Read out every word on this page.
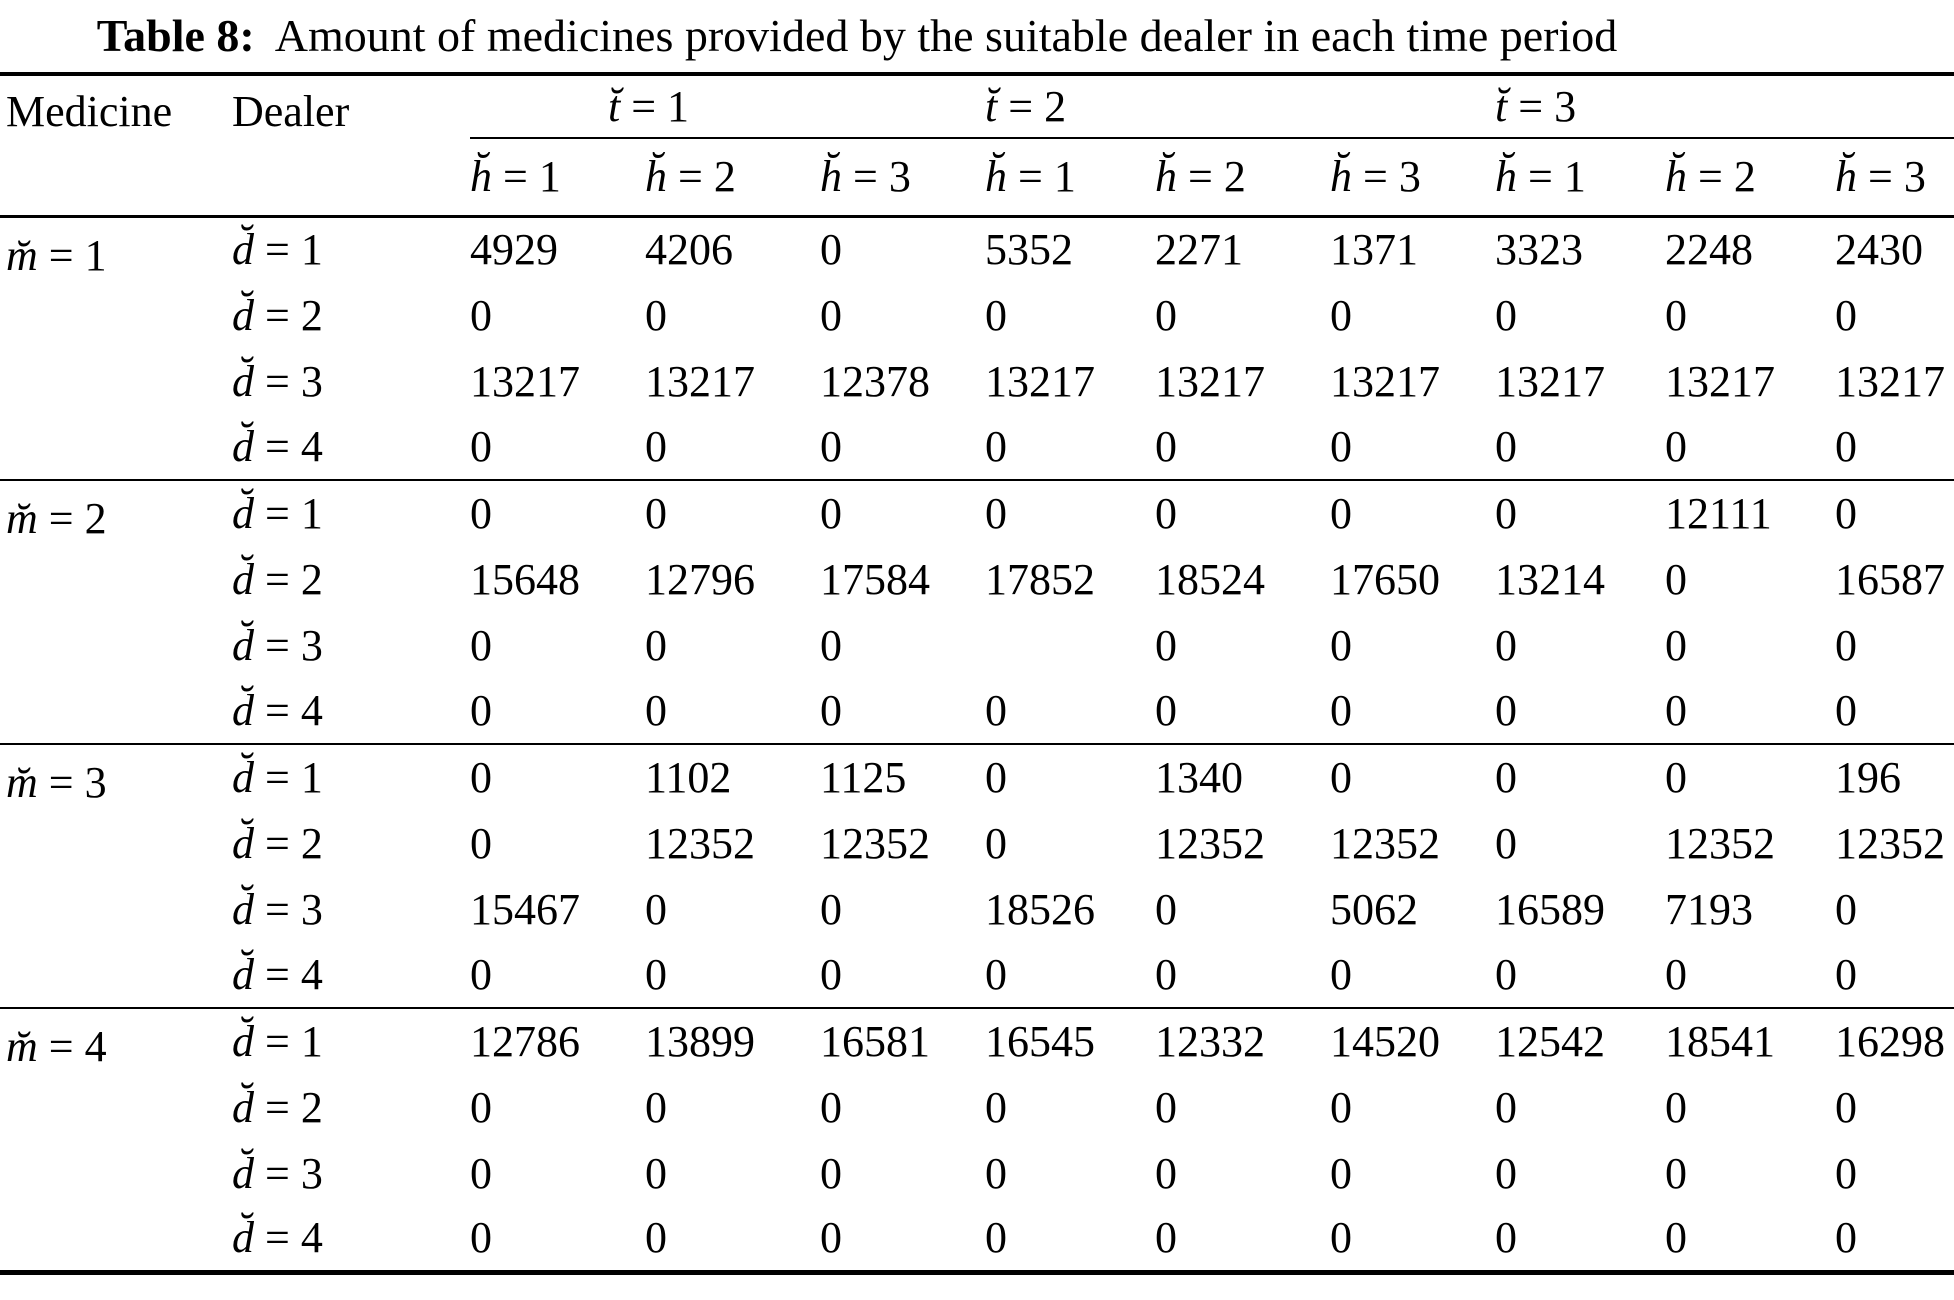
Table 8: Amount of medicines provided by the suitable dealer in each time period
Medicine	Dealer	t̆ = 1			t̆ = 2			t̆ = 3		
		h̆ = 1	h̆ = 2	h̆ = 3	h̆ = 1	h̆ = 2	h̆ = 3	h̆ = 1	h̆ = 2	h̆ = 3
m̆ = 1	d̆ = 1	4929	4206	0	5352	2271	1371	3323	2248	2430
	d̆ = 2	0	0	0	0	0	0	0	0	0
	d̆ = 3	13217	13217	12378	13217	13217	13217	13217	13217	13217
	d̆ = 4	0	0	0	0	0	0	0	0	0
m̆ = 2	d̆ = 1	0	0	0	0	0	0	0	12111	0
	d̆ = 2	15648	12796	17584	17852	18524	17650	13214	0	16587
	d̆ = 3	0	0	0		0	0	0	0	0
	d̆ = 4	0	0	0	0	0	0	0	0	0
m̆ = 3	d̆ = 1	0	1102	1125	0	1340	0	0	0	196
	d̆ = 2	0	12352	12352	0	12352	12352	0	12352	12352
	d̆ = 3	15467	0	0	18526	0	5062	16589	7193	0
	d̆ = 4	0	0	0	0	0	0	0	0	0
m̆ = 4	d̆ = 1	12786	13899	16581	16545	12332	14520	12542	18541	16298
	d̆ = 2	0	0	0	0	0	0	0	0	0
	d̆ = 3	0	0	0	0	0	0	0	0	0
	d̆ = 4	0	0	0	0	0	0	0	0	0
